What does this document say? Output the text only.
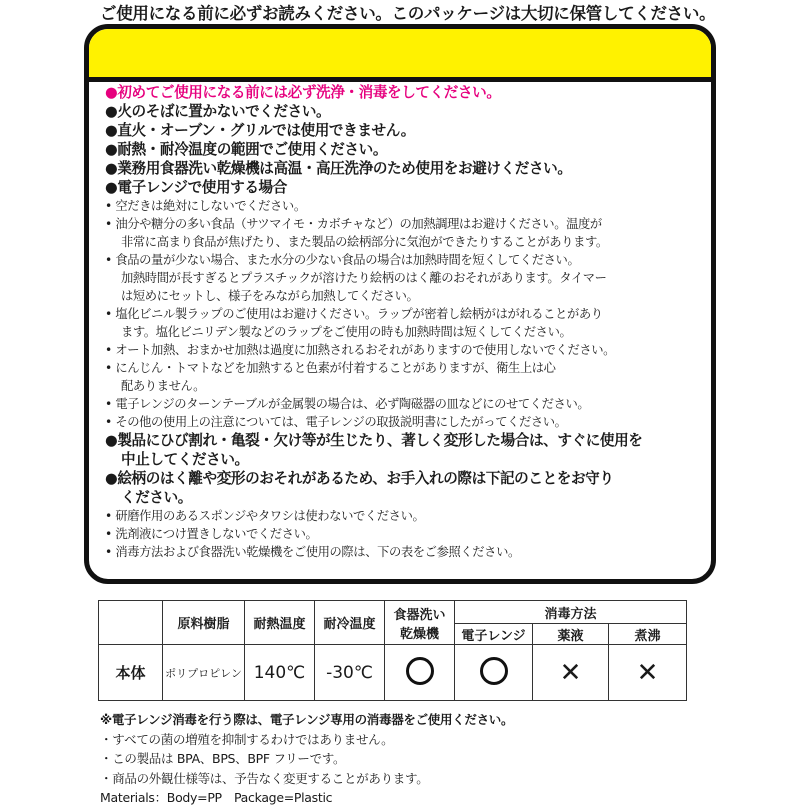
ご使用になる前に必ずお読みください。このパッケージは大切に保管してください。
●初めてご使用になる前には必ず洗浄・消毒をしてください。
●火のそばに置かないでください。
●直火・オーブン・グリルでは使用できません。
●耐熱・耐冷温度の範囲でご使用ください。
●業務用食器洗い乾燥機は高温・高圧洗浄のため使用をお避けください。
●電子レンジで使用する場合
• 空だきは絶対にしないでください。
• 油分や糖分の多い食品（サツマイモ・カボチャなど）の加熱調理はお避けください。温度が
非常に高まり食品が焦げたり、また製品の絵柄部分に気泡ができたりすることがあります。
• 食品の量が少ない場合、また水分の少ない食品の場合は加熱時間を短くしてください。
加熱時間が長すぎるとプラスチックが溶けたり絵柄のはく離のおそれがあります。タイマー
は短めにセットし、様子をみながら加熱してください。
• 塩化ビニル製ラップのご使用はお避けください。ラップが密着し絵柄がはがれることがあり
ます。塩化ビニリデン製などのラップをご使用の時も加熱時間は短くしてください。
• オート加熱、おまかせ加熱は過度に加熱されるおそれがありますので使用しないでください。
• にんじん・トマトなどを加熱すると色素が付着することがありますが、衛生上は心
配ありません。
• 電子レンジのターンテーブルが金属製の場合は、必ず陶磁器の皿などにのせてください。
• その他の使用上の注意については、電子レンジの取扱説明書にしたがってください。
●製品にひび割れ・亀裂・欠け等が生じたり、著しく変形した場合は、すぐに使用を
中止してください。
●絵柄のはく離や変形のおそれがあるため、お手入れの際は下記のことをお守り
ください。
• 研磨作用のあるスポンジやタワシは使わないでください。
• 洗剤液につけ置きしないでください。
• 消毒方法および食器洗い乾燥機をご使用の際は、下の表をご参照ください。
	原料樹脂	耐熱温度	耐冷温度	食器洗い
乾燥機	消毒方法		
					電子レンジ	薬液	煮沸
本体	ポリプロピレン	140℃	-30℃			✕	✕
※電子レンジ消毒を行う際は、電子レンジ専用の消毒器をご使用ください。
・すべての菌の増殖を抑制するわけではありません。
・この製品は BPA、BPS、BPF フリーです。
・商品の外観仕様等は、予告なく変更することがあります。
Materials：Body=PP　Package=Plastic
